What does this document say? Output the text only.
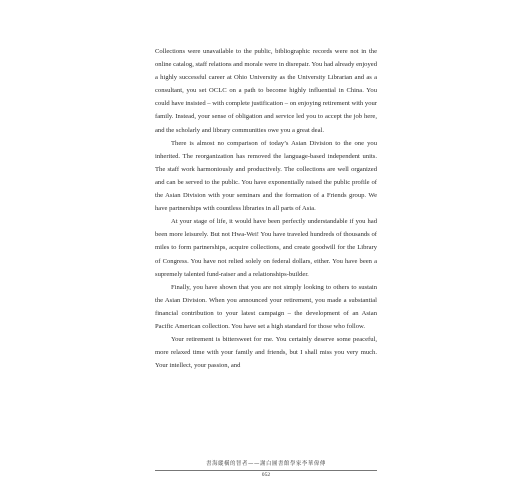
Collections were unavailable to the public, bibliographic records were not in the online catalog, staff relations and morale were in disrepair. You had already enjoyed a highly successful career at Ohio University as the University Librarian and as a consultant, you set OCLC on a path to become highly influential in China. You could have insisted – with complete justification – on enjoying retirement with your family. Instead, your sense of obligation and service led you to accept the job here, and the scholarly and library communities owe you a great deal.

There is almost no comparison of today’s Asian Division to the one you inherited. The reorganization has removed the language-based independent units. The staff work harmoniously and productively. The collections are well organized and can be served to the public. You have exponentially raised the public profile of the Asian Division with your seminars and the formation of a Friends group. We have partnerships with countless libraries in all parts of Asia.

At your stage of life, it would have been perfectly understandable if you had been more leisurely. But not Hwa-Wei! You have traveled hundreds of thousands of miles to form partnerships, acquire collections, and create goodwill for the Library of Congress. You have not relied solely on federal dollars, either. You have been a supremely talented fund-raiser and a relationships-builder.

Finally, you have shown that you are not simply looking to others to sustain the Asian Division. When you announced your retirement, you made a substantial financial contribution to your latest campaign – the development of an Asian Pacific American collection. You have set a high standard for those who follow.

Your retirement is bittersweet for me. You certainly deserve some peaceful, more relaxed time with your family and friends, but I shall miss you very much. Your intellect, your passion, and

書海縱橫的智者——謝白圖書館學家李華偉傳
052
